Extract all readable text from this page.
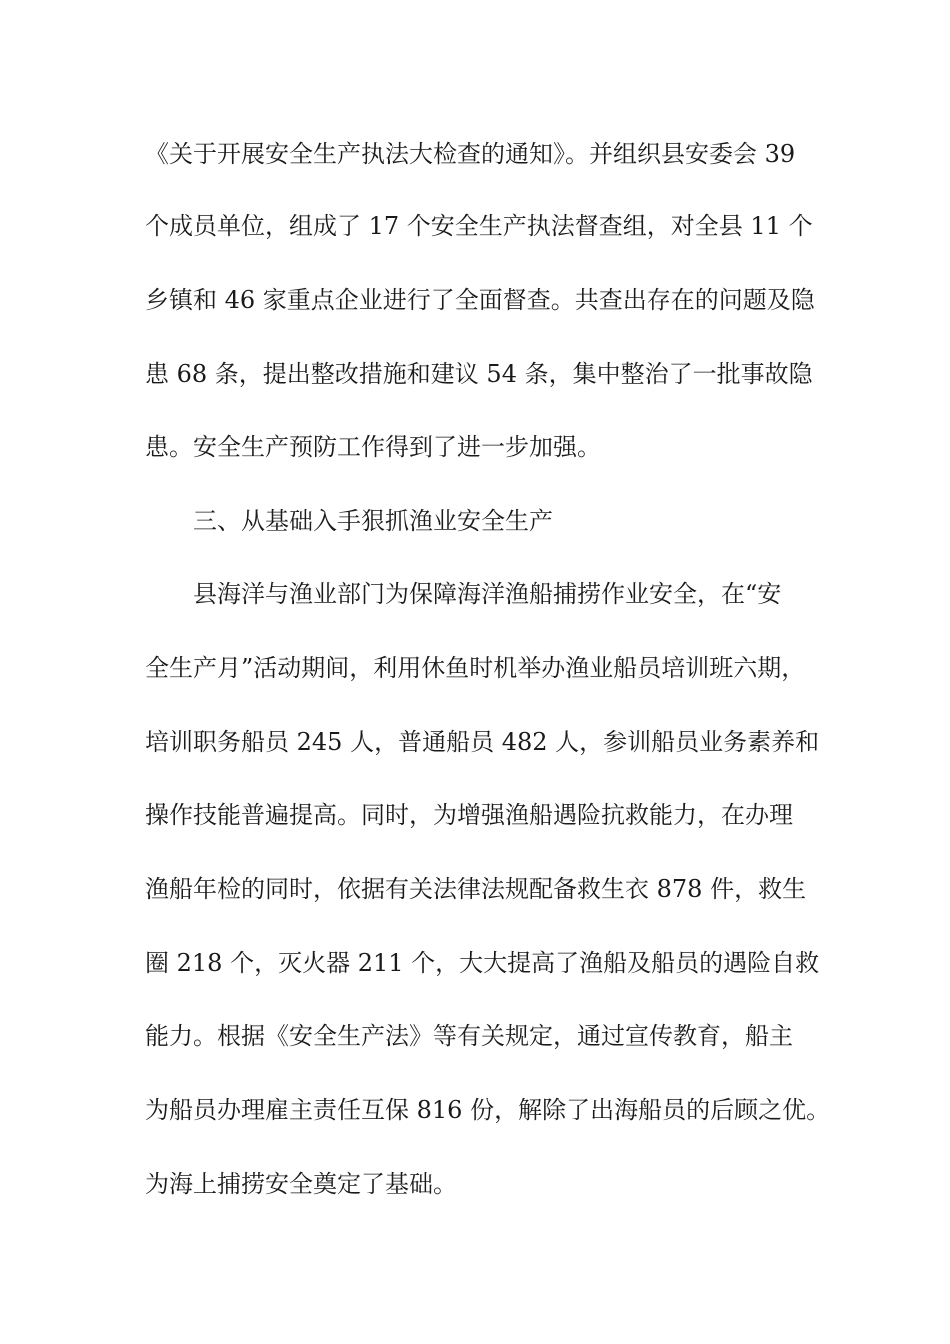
《关于开展安全生产执法大检查的通知》。并组织县安委会 39
个成员单位，组成了 17 个安全生产执法督查组，对全县 11 个
乡镇和 46 家重点企业进行了全面督查。共查出存在的问题及隐
患 68 条，提出整改措施和建议 54 条，集中整治了一批事故隐
患。安全生产预防工作得到了进一步加强。
三、从基础入手狠抓渔业安全生产
县海洋与渔业部门为保障海洋渔船捕捞作业安全，在“安
全生产月”活动期间，利用休鱼时机举办渔业船员培训班六期，
培训职务船员 245 人，普通船员 482 人，参训船员业务素养和
操作技能普遍提高。同时，为增强渔船遇险抗救能力，在办理
渔船年检的同时，依据有关法律法规配备救生衣 878 件，救生
圈 218 个，灭火器 211 个，大大提高了渔船及船员的遇险自救
能力。根据《安全生产法》等有关规定，通过宣传教育，船主
为船员办理雇主责任互保 816 份，解除了出海船员的后顾之优。
为海上捕捞安全奠定了基础。
